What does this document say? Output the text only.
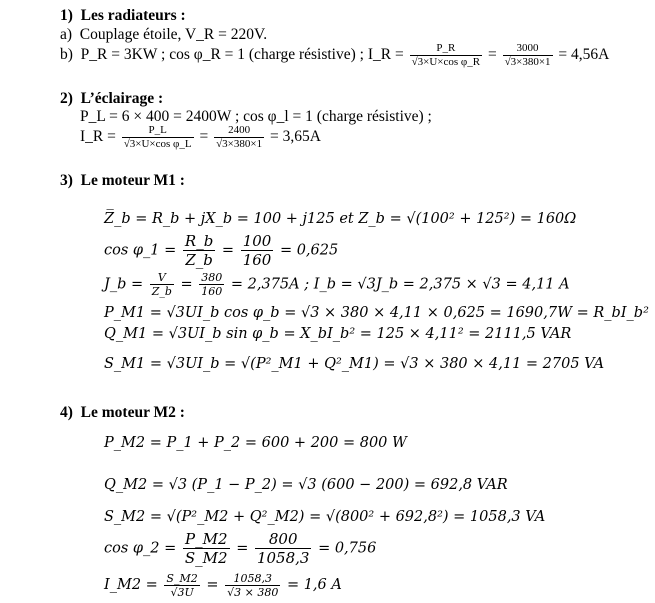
1)  Les radiateurs :
a)  Couplage étoile, V_R = 220V.
b)  P_R = 3KW ; cos φ_R = 1 (charge résistive) ; I_R = $\frac{P\_R}{\text{√3×U×cos φ\_R}} = \frac{3000}{√3\times 380\times 1} = 4,56A$
2)  L’éclairage :
P_L = 6 × 400 = 2400W ; cos φ_l = 1 (charge résistive) ;
I_R = $\frac{P\_L}{\text{√3×U×cos φ\_L}} = \frac{2400}{√3\times 380\times 1} = 3,65A$
3)  Le moteur M1 :
Z̅_b = R_b + jX_b = 100 + j125 et Z_b = √(100² + 125²) = 160Ω
cos φ_1 = $\frac{R\_b}{Z\_b} = \frac{100}{160} = 0,625$
J_b = $\frac{V}{Z\_b} = \frac{380}{160} = 2,375A$ ; I_b = √3J_b = 2,375 × √3 = 4,11 A
P_M1 = √3UI_b cos φ_b = √3 × 380 × 4,11 × 0,625 = 1690,7W = R_bI_b²
Q_M1 = √3UI_b sin φ_b = X_bI_b² = 125 × 4,11² = 2111,5 VAR
S_M1 = √3UI_b = √(P²_M1 + Q²_M1) = √3 × 380 × 4,11 = 2705 VA
4)  Le moteur M2 :
P_M2 = P_1 + P_2 = 600 + 200 = 800 W
Q_M2 = √3 (P_1 − P_2) = √3 (600 − 200) = 692,8 VAR
S_M2 = √(P²_M2 + Q²_M2) = √(800² + 692,8²) = 1058,3 VA
cos φ_2 = $\frac{P\_M2}{S\_M2} = \frac{800}{1058,3} = 0,756$
I_M2 = $\frac{S\_M2}{√3U} = \frac{1058,3}{√3 \times 380} = 1,6$ A
